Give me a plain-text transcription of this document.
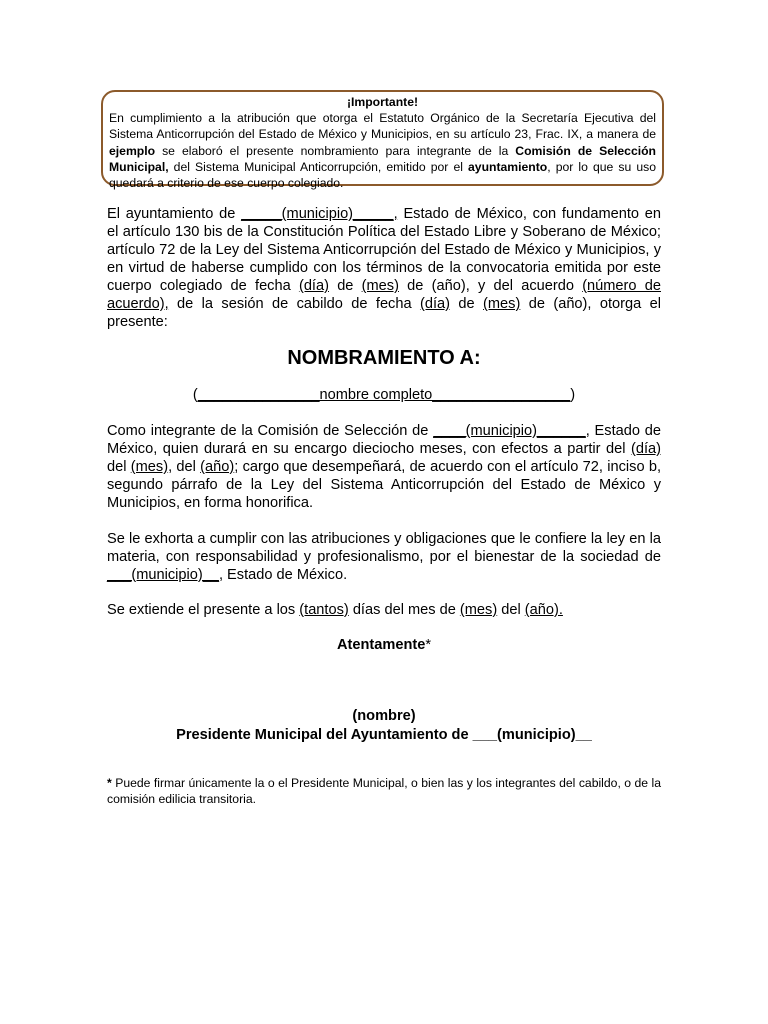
¡Importante!
En cumplimiento a la atribución que otorga el Estatuto Orgánico de la Secretaría Ejecutiva del Sistema Anticorrupción del Estado de México y Municipios, en su artículo 23, Frac. IX, a manera de ejemplo se elaboró el presente nombramiento para integrante de la Comisión de Selección Municipal, del Sistema Municipal Anticorrupción, emitido por el ayuntamiento, por lo que su uso quedará a criterio de ese cuerpo colegiado.
El ayuntamiento de _____(municipio)_____, Estado de México, con fundamento en el artículo 130 bis de la Constitución Política del Estado Libre y Soberano de México; artículo 72 de la Ley del Sistema Anticorrupción del Estado de México y Municipios, y en virtud de haberse cumplido con los términos de la convocatoria emitida por este cuerpo colegiado de fecha (día) de (mes) de (año), y del acuerdo (número de acuerdo), de la sesión de cabildo de fecha (día) de (mes) de (año), otorga el presente:
NOMBRAMIENTO A:
(_______________nombre completo_________________)
Como integrante de la Comisión de Selección de ____(municipio)______, Estado de México, quien durará en su encargo dieciocho meses, con efectos a partir del (día) del (mes), del (año); cargo que desempeñará, de acuerdo con el artículo 72, inciso b, segundo párrafo de la Ley del Sistema Anticorrupción del Estado de México y Municipios, en forma honorifica.
Se le exhorta a cumplir con las atribuciones y obligaciones que le confiere la ley en la materia, con responsabilidad y profesionalismo, por el bienestar de la sociedad de ___(municipio)__, Estado de México.
Se extiende el presente a los (tantos) días del mes de (mes) del (año).
Atentamente*
(nombre)
Presidente Municipal del Ayuntamiento de ___(municipio)__
* Puede firmar únicamente la o el Presidente Municipal, o bien las y los integrantes del cabildo, o de la comisión edilicia transitoria.
